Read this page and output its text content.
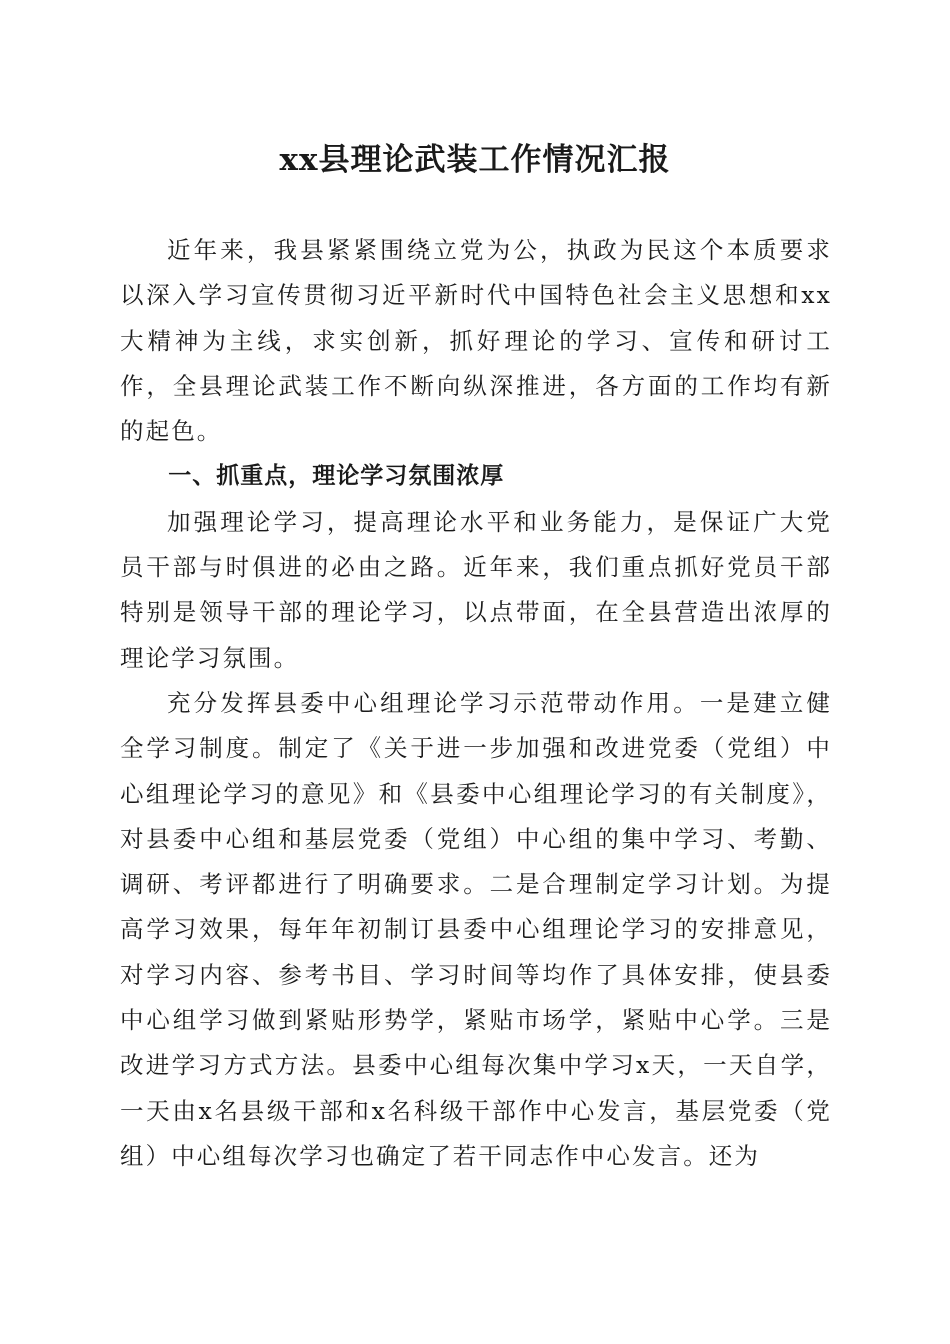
xx县理论武装工作情况汇报

近年来，我县紧紧围绕立党为公，执政为民这个本质要求以深入学习宣传贯彻习近平新时代中国特色社会主义思想和xx大精神为主线，求实创新，抓好理论的学习、宣传和研讨工作，全县理论武装工作不断向纵深推进，各方面的工作均有新的起色。

一、抓重点，理论学习氛围浓厚

加强理论学习，提高理论水平和业务能力，是保证广大党员干部与时俱进的必由之路。近年来，我们重点抓好党员干部特别是领导干部的理论学习，以点带面，在全县营造出浓厚的理论学习氛围。

充分发挥县委中心组理论学习示范带动作用。一是建立健全学习制度。制定了《关于进一步加强和改进党委（党组）中心组理论学习的意见》和《县委中心组理论学习的有关制度》，对县委中心组和基层党委（党组）中心组的集中学习、考勤、调研、考评都进行了明确要求。二是合理制定学习计划。为提高学习效果，每年年初制订县委中心组理论学习的安排意见，对学习内容、参考书目、学习时间等均作了具体安排，使县委中心组学习做到紧贴形势学，紧贴市场学，紧贴中心学。三是改进学习方式方法。县委中心组每次集中学习x天，一天自学，一天由x名县级干部和x名科级干部作中心发言，基层党委（党组）中心组每次学习也确定了若干同志作中心发言。还为
